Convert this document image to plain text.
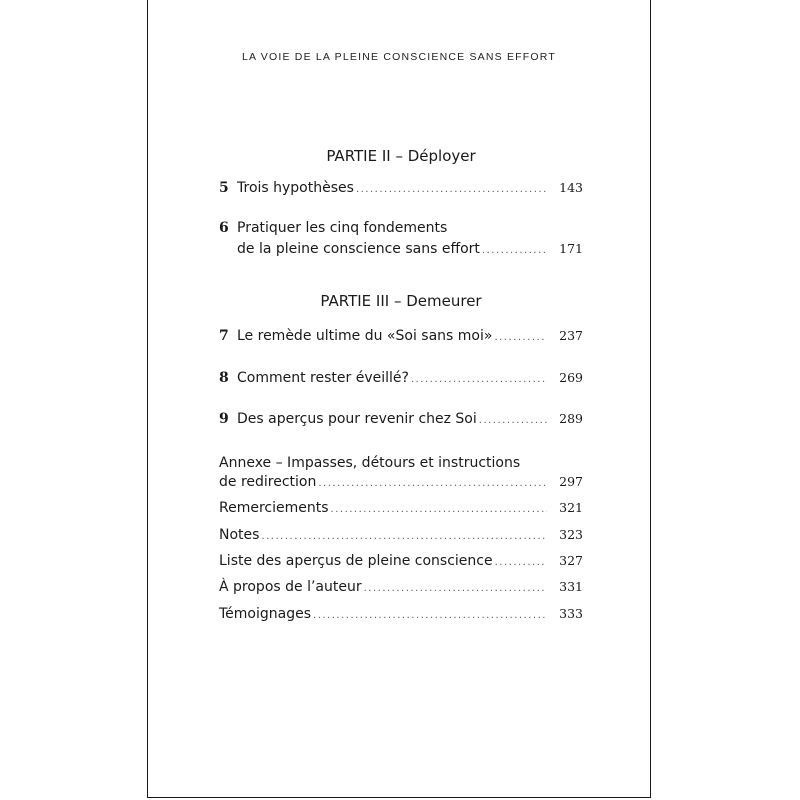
LA VOIE DE LA PLEINE CONSCIENCE SANS EFFORT
PARTIE II – Déployer
5 Trois hypothèses .....	143
6 Pratiquer les cinq fondements
de la pleine conscience sans effort .....	171
PARTIE III – Demeurer
7 Le remède ultime du «Soi sans moi» .....	237
8 Comment rester éveillé? .....	269
9 Des aperçus pour revenir chez Soi .....	289
Annexe – Impasses, détours et instructions
de redirection .....	297
Remerciements .....	321
Notes .....	323
Liste des aperçus de pleine conscience .....	327
À propos de l’auteur .....	331
Témoignages .....	333
